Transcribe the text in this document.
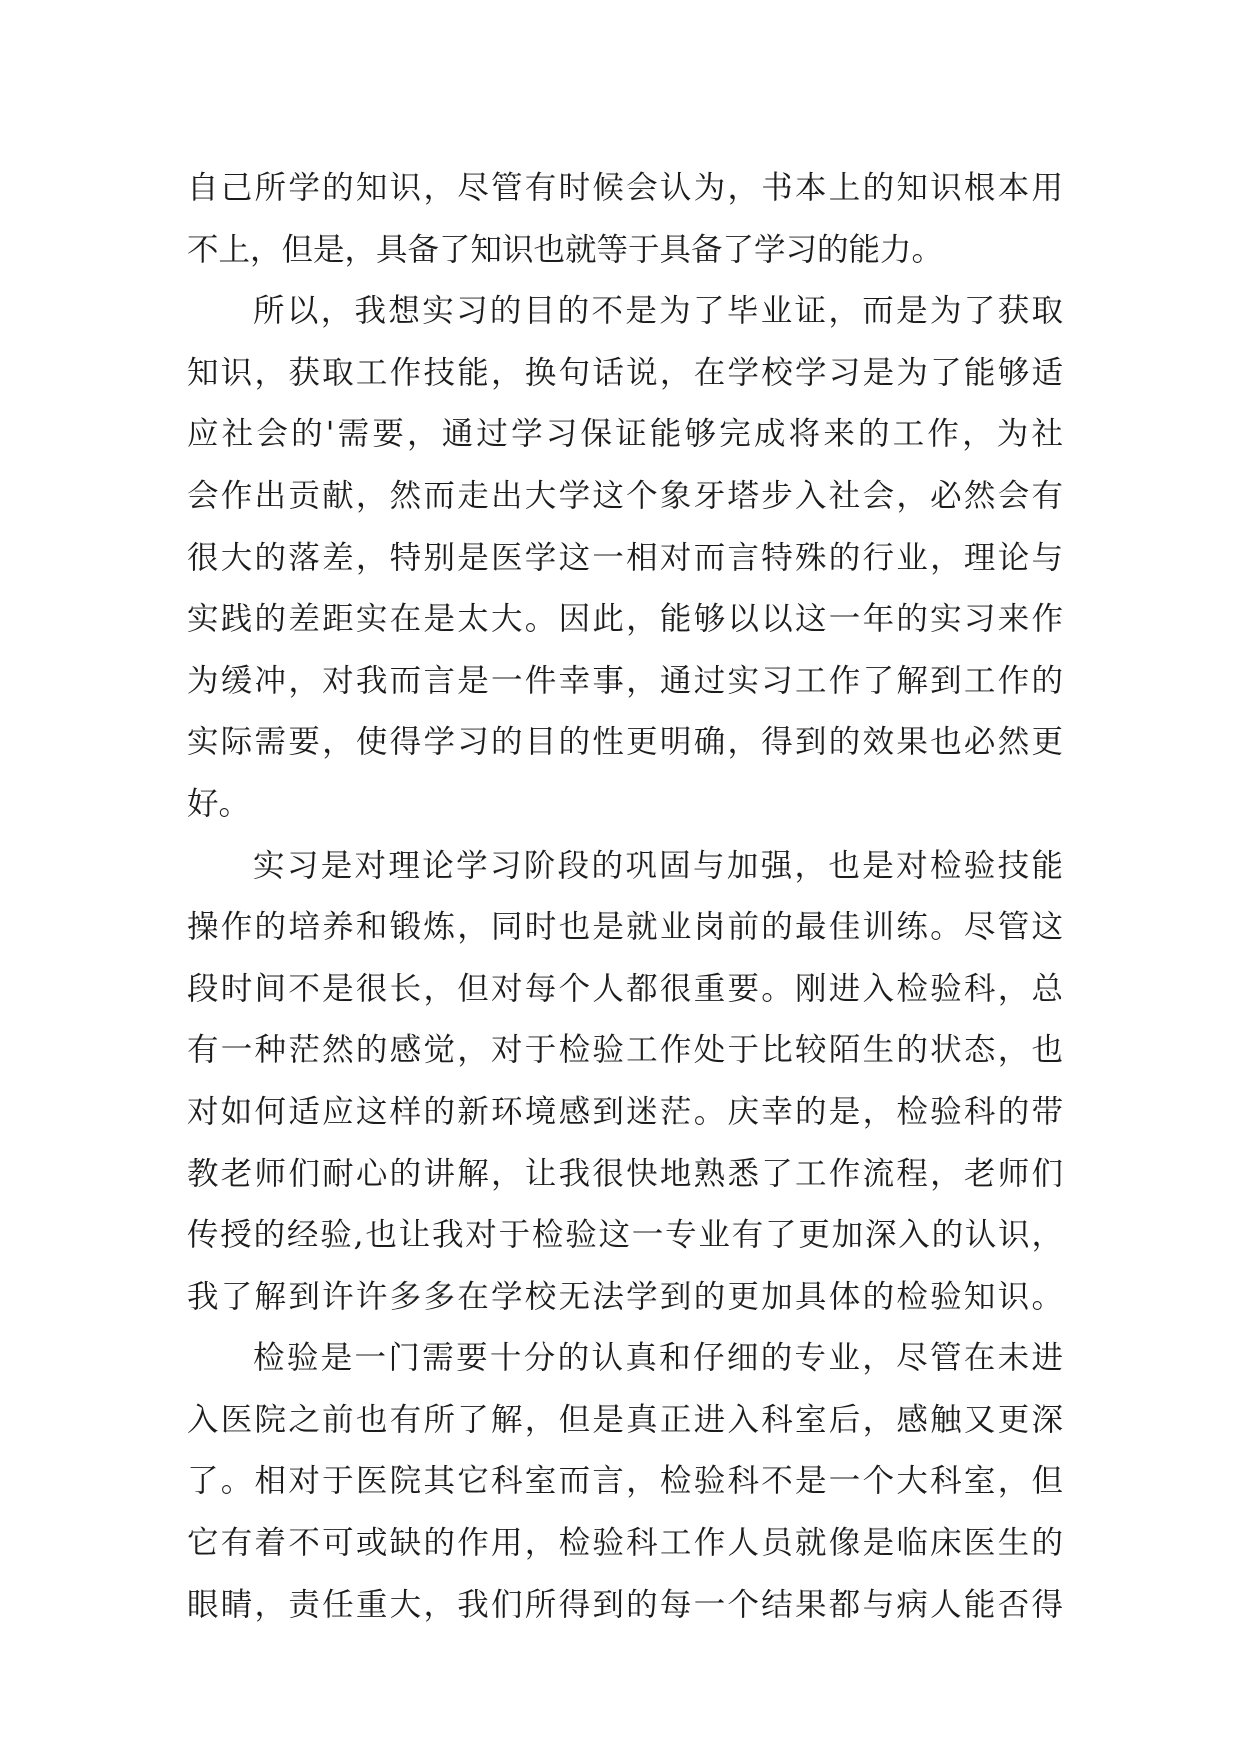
自己所学的知识，尽管有时候会认为，书本上的知识根本用
不上，但是，具备了知识也就等于具备了学习的能力。
所以，我想实习的目的不是为了毕业证，而是为了获取
知识，获取工作技能，换句话说，在学校学习是为了能够适
应社会的'需要，通过学习保证能够完成将来的工作，为社
会作出贡献，然而走出大学这个象牙塔步入社会，必然会有
很大的落差，特别是医学这一相对而言特殊的行业，理论与
实践的差距实在是太大。因此，能够以以这一年的实习来作
为缓冲，对我而言是一件幸事，通过实习工作了解到工作的
实际需要，使得学习的目的性更明确，得到的效果也必然更
好。
实习是对理论学习阶段的巩固与加强，也是对检验技能
操作的培养和锻炼，同时也是就业岗前的最佳训练。尽管这
段时间不是很长，但对每个人都很重要。刚进入检验科，总
有一种茫然的感觉，对于检验工作处于比较陌生的状态，也
对如何适应这样的新环境感到迷茫。庆幸的是，检验科的带
教老师们耐心的讲解，让我很快地熟悉了工作流程，老师们
传授的经验,也让我对于检验这一专业有了更加深入的认识，
我了解到许许多多在学校无法学到的更加具体的检验知识。
检验是一门需要十分的认真和仔细的专业，尽管在未进
入医院之前也有所了解，但是真正进入科室后，感触又更深
了。相对于医院其它科室而言，检验科不是一个大科室，但
它有着不可或缺的作用，检验科工作人员就像是临床医生的
眼睛，责任重大，我们所得到的每一个结果都与病人能否得
